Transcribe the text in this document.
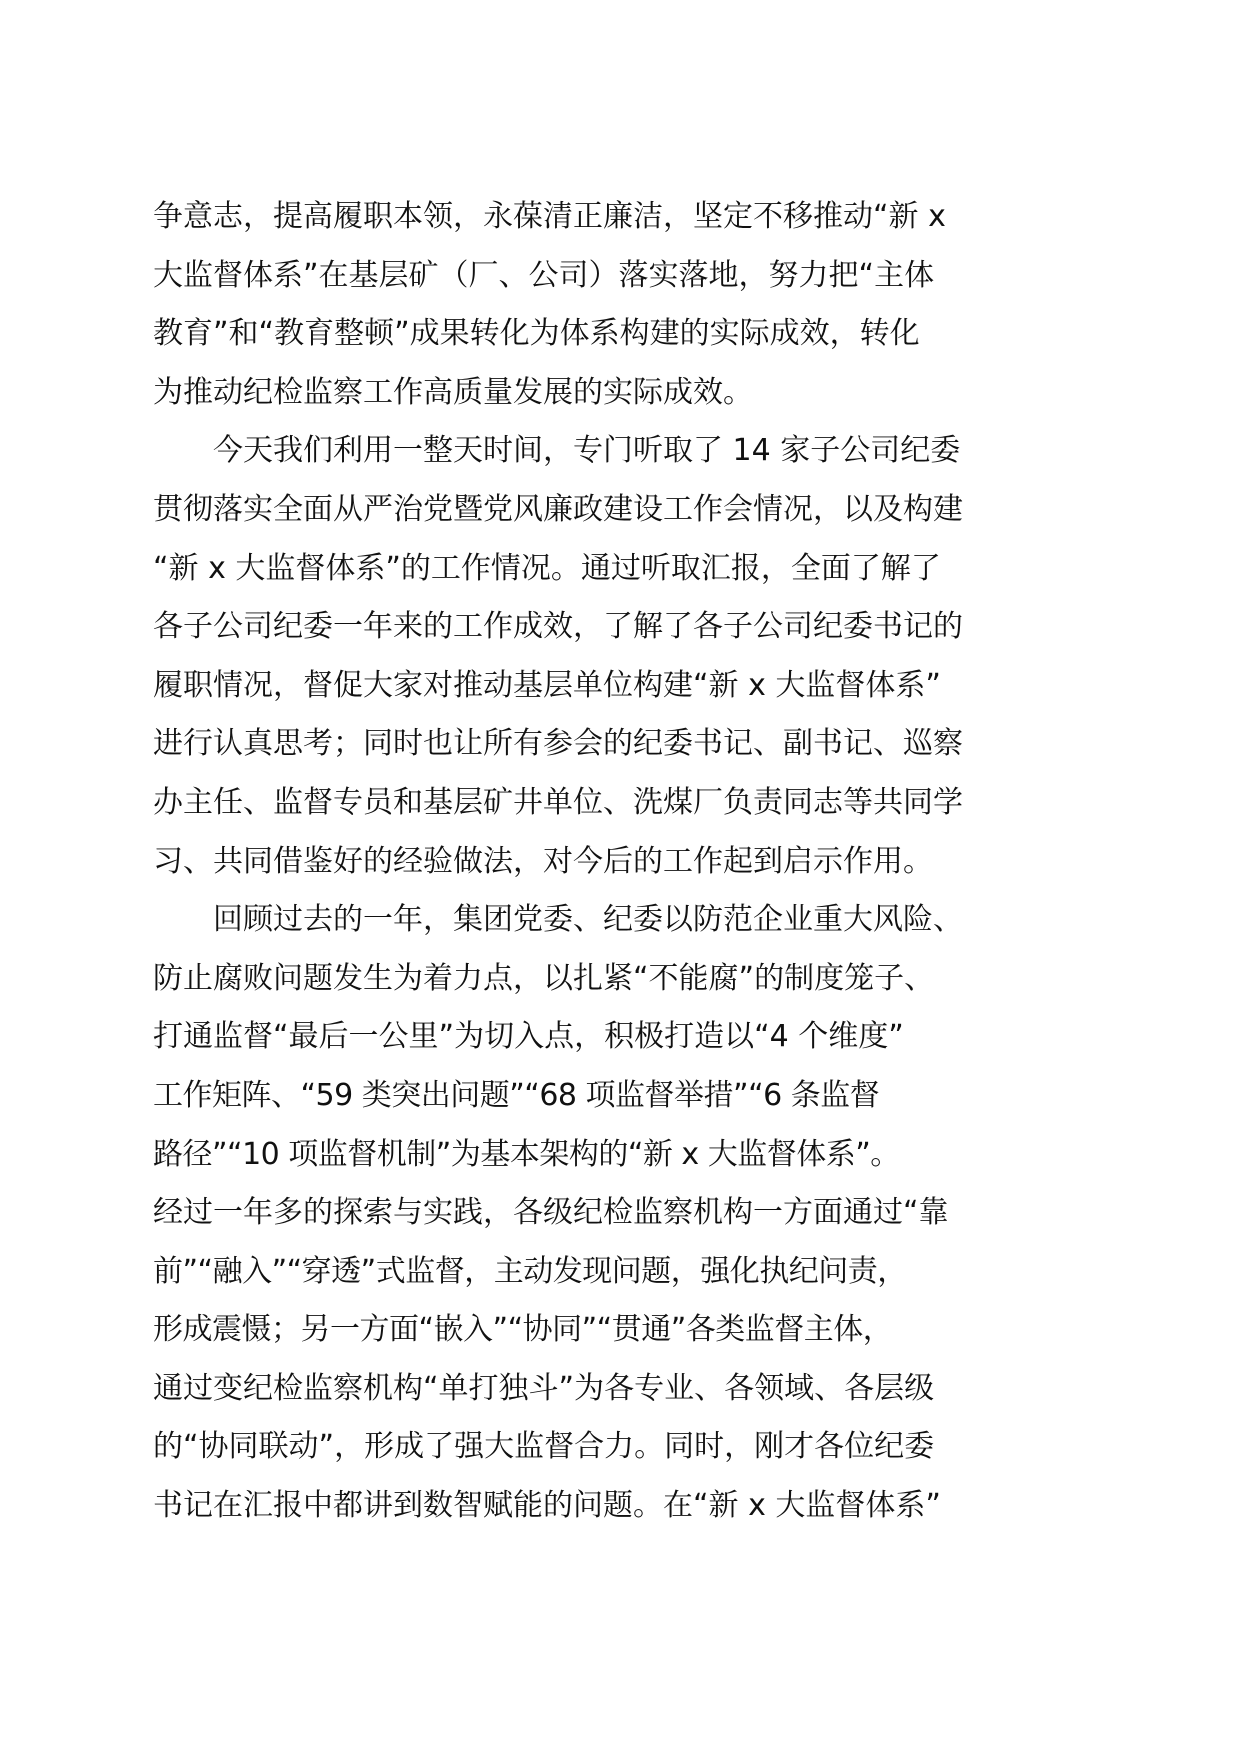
争意志，提高履职本领，永葆清正廉洁，坚定不移推动“新 x
大监督体系”在基层矿（厂、公司）落实落地，努力把“主体
教育”和“教育整顿”成果转化为体系构建的实际成效，转化
为推动纪检监察工作高质量发展的实际成效。
　　今天我们利用一整天时间，专门听取了 14 家子公司纪委
贯彻落实全面从严治党暨党风廉政建设工作会情况，以及构建
“新 x 大监督体系”的工作情况。通过听取汇报，全面了解了
各子公司纪委一年来的工作成效，了解了各子公司纪委书记的
履职情况，督促大家对推动基层单位构建“新 x 大监督体系”
进行认真思考；同时也让所有参会的纪委书记、副书记、巡察
办主任、监督专员和基层矿井单位、洗煤厂负责同志等共同学
习、共同借鉴好的经验做法，对今后的工作起到启示作用。
　　回顾过去的一年，集团党委、纪委以防范企业重大风险、
防止腐败问题发生为着力点，以扎紧“不能腐”的制度笼子、
打通监督“最后一公里”为切入点，积极打造以“4 个维度”
工作矩阵、“59 类突出问题”“68 项监督举措”“6 条监督
路径”“10 项监督机制”为基本架构的“新 x 大监督体系”。
经过一年多的探索与实践，各级纪检监察机构一方面通过“靠
前”“融入”“穿透”式监督，主动发现问题，强化执纪问责，
形成震慑；另一方面“嵌入”“协同”“贯通”各类监督主体，
通过变纪检监察机构“单打独斗”为各专业、各领域、各层级
的“协同联动”，形成了强大监督合力。同时，刚才各位纪委
书记在汇报中都讲到数智赋能的问题。在“新 x 大监督体系”
